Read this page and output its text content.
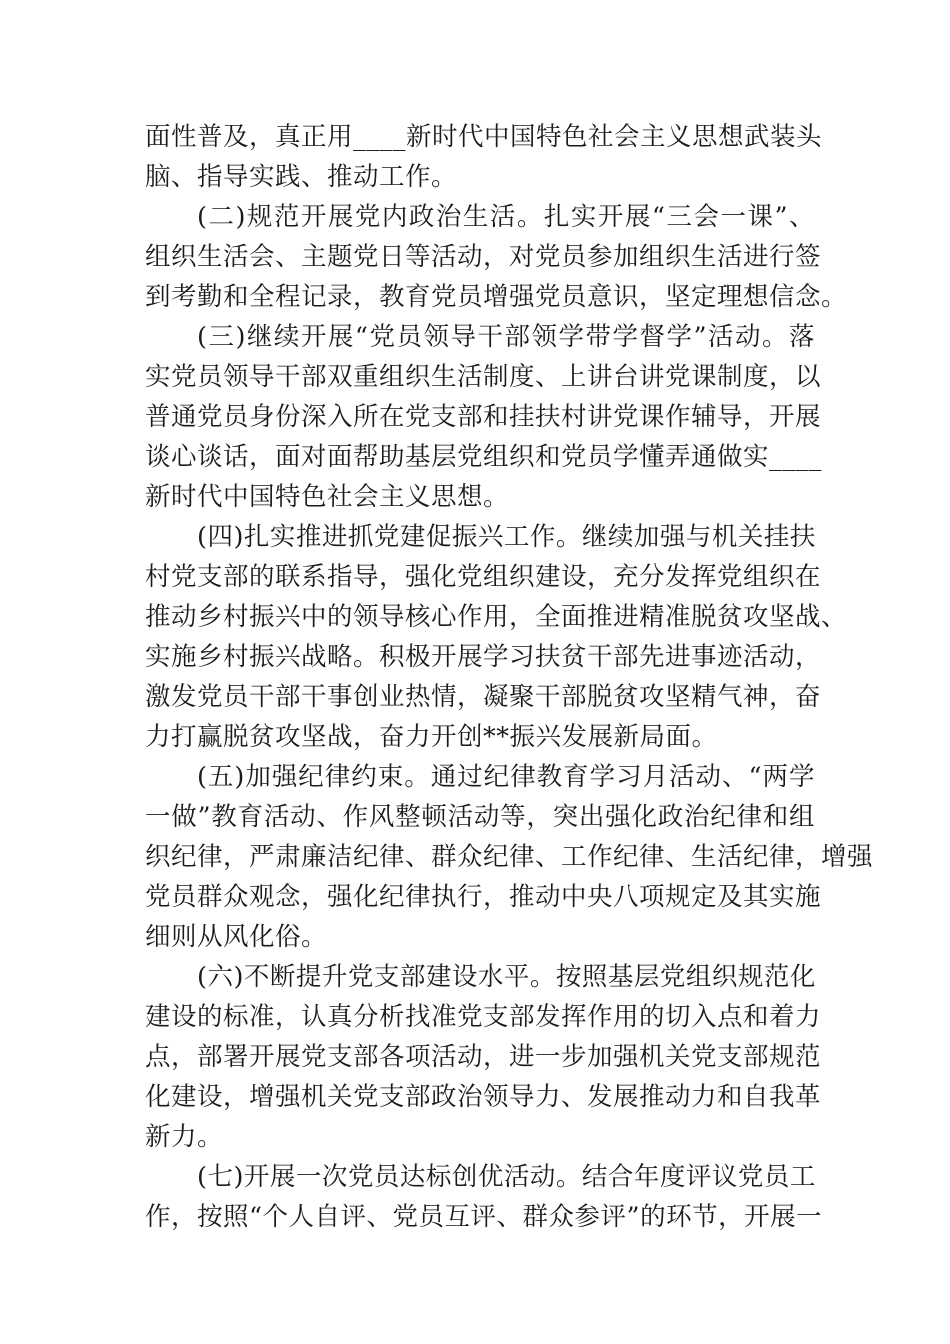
面性普及，真正用____新时代中国特色社会主义思想武装头
脑、指导实践、推动工作。
(二)规范开展党内政治生活。扎实开展“三会一课”、
组织生活会、主题党日等活动，对党员参加组织生活进行签
到考勤和全程记录，教育党员增强党员意识，坚定理想信念。
(三)继续开展“党员领导干部领学带学督学”活动。落
实党员领导干部双重组织生活制度、上讲台讲党课制度，以
普通党员身份深入所在党支部和挂扶村讲党课作辅导，开展
谈心谈话，面对面帮助基层党组织和党员学懂弄通做实____
新时代中国特色社会主义思想。
(四)扎实推进抓党建促振兴工作。继续加强与机关挂扶
村党支部的联系指导，强化党组织建设，充分发挥党组织在
推动乡村振兴中的领导核心作用，全面推进精准脱贫攻坚战、
实施乡村振兴战略。积极开展学习扶贫干部先进事迹活动，
激发党员干部干事创业热情，凝聚干部脱贫攻坚精气神，奋
力打赢脱贫攻坚战，奋力开创**振兴发展新局面。
(五)加强纪律约束。通过纪律教育学习月活动、“两学
一做”教育活动、作风整顿活动等，突出强化政治纪律和组
织纪律，严肃廉洁纪律、群众纪律、工作纪律、生活纪律，增强
党员群众观念，强化纪律执行，推动中央八项规定及其实施
细则从风化俗。
(六)不断提升党支部建设水平。按照基层党组织规范化
建设的标准，认真分析找准党支部发挥作用的切入点和着力
点，部署开展党支部各项活动，进一步加强机关党支部规范
化建设，增强机关党支部政治领导力、发展推动力和自我革
新力。
(七)开展一次党员达标创优活动。结合年度评议党员工
作，按照“个人自评、党员互评、群众参评”的环节，开展一
